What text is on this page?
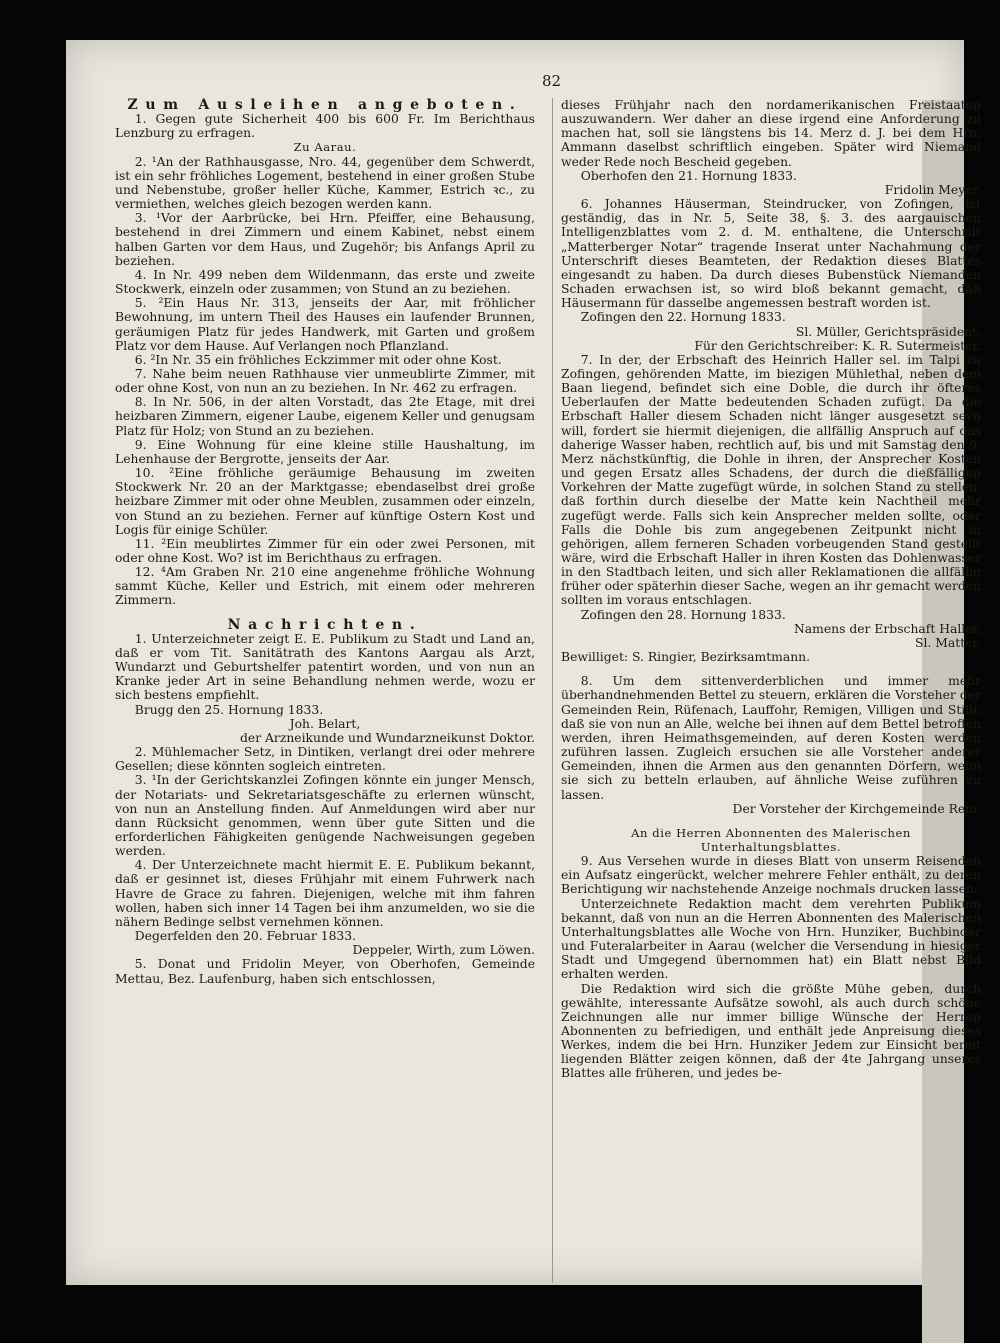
82

Zum Ausleihen angeboten.

1. Gegen gute Sicherheit 400 bis 600 Fr. Im Berichthaus Lenzburg zu erfragen.

Zu Aarau.

2. ¹An der Rathhausgasse, Nro. 44, gegenüber dem Schwerdt, ist ein sehr fröhliches Logement, bestehend in einer großen Stube und Nebenstube, großer heller Küche, Kammer, Estrich ꝛc., zu vermiethen, welches gleich bezogen werden kann.

3. ¹Vor der Aarbrücke, bei Hrn. Pfeiffer, eine Behausung, bestehend in drei Zimmern und einem Kabinet, nebst einem halben Garten vor dem Haus, und Zugehör; bis Anfangs April zu beziehen.

4. In Nr. 499 neben dem Wildenmann, das erste und zweite Stockwerk, einzeln oder zusammen; von Stund an zu beziehen.

5. ²Ein Haus Nr. 313, jenseits der Aar, mit fröhlicher Bewohnung, im untern Theil des Hauses ein laufender Brunnen, geräumigen Platz für jedes Handwerk, mit Garten und großem Platz vor dem Hause. Auf Verlangen noch Pflanzland.

6. ²In Nr. 35 ein fröhliches Eckzimmer mit oder ohne Kost.

7. Nahe beim neuen Rathhause vier unmeublirte Zimmer, mit oder ohne Kost, von nun an zu beziehen. In Nr. 462 zu erfragen.

8. In Nr. 506, in der alten Vorstadt, das 2te Etage, mit drei heizbaren Zimmern, eigener Laube, eigenem Keller und genugsam Platz für Holz; von Stund an zu beziehen.

9. Eine Wohnung für eine kleine stille Haushaltung, im Lehenhause der Bergrotte, jenseits der Aar.

10. ²Eine fröhliche geräumige Behausung im zweiten Stockwerk Nr. 20 an der Marktgasse; ebendaselbst drei große heizbare Zimmer mit oder ohne Meublen, zusammen oder einzeln, von Stund an zu beziehen. Ferner auf künftige Ostern Kost und Logis für einige Schüler.

11. ²Ein meublirtes Zimmer für ein oder zwei Personen, mit oder ohne Kost. Wo? ist im Berichthaus zu erfragen.

12. ⁴Am Graben Nr. 210 eine angenehme fröhliche Wohnung sammt Küche, Keller und Estrich, mit einem oder mehreren Zimmern.

Nachrichten.

1. Unterzeichneter zeigt E. E. Publikum zu Stadt und Land an, daß er vom Tit. Sanitätrath des Kantons Aargau als Arzt, Wundarzt und Geburtshelfer patentirt worden, und von nun an Kranke jeder Art in seine Behandlung nehmen werde, wozu er sich bestens empfiehlt.

Brugg den 25. Hornung 1833.

Joh. Belart,

der Arzneikunde und Wundarzneikunst Doktor.

2. Mühlemacher Setz, in Dintiken, verlangt drei oder mehrere Gesellen; diese könnten sogleich eintreten.

3. ¹In der Gerichtskanzlei Zofingen könnte ein junger Mensch, der Notariats- und Sekretariatsgeschäfte zu erlernen wünscht, von nun an Anstellung finden. Auf Anmeldungen wird aber nur dann Rücksicht genommen, wenn über gute Sitten und die erforderlichen Fähigkeiten genügende Nachweisungen gegeben werden.

4. Der Unterzeichnete macht hiermit E. E. Publikum bekannt, daß er gesinnet ist, dieses Frühjahr mit einem Fuhrwerk nach Havre de Grace zu fahren. Diejenigen, welche mit ihm fahren wollen, haben sich inner 14 Tagen bei ihm anzumelden, wo sie die nähern Bedinge selbst vernehmen können.

Degerfelden den 20. Februar 1833.

Deppeler, Wirth, zum Löwen.

5. Donat und Fridolin Meyer, von Oberhofen, Gemeinde Mettau, Bez. Laufenburg, haben sich entschlossen,

dieses Frühjahr nach den nordamerikanischen Freistaaten auszuwandern. Wer daher an diese irgend eine Anforderung zu machen hat, soll sie längstens bis 14. Merz d. J. bei dem Hrn. Ammann daselbst schriftlich eingeben. Später wird Niemand weder Rede noch Bescheid gegeben.

Oberhofen den 21. Hornung 1833.

Fridolin Meyer.

6. Johannes Häuserman, Steindrucker, von Zofingen, ist geständig, das in Nr. 5, Seite 38, §. 3. des aargauischen Intelligenzblattes vom 2. d. M. enthaltene, die Unterschrift „Matterberger Notar“ tragende Inserat unter Nachahmung der Unterschrift dieses Beamteten, der Redaktion dieses Blattes eingesandt zu haben. Da durch dieses Bubenstück Niemanden Schaden erwachsen ist, so wird bloß bekannt gemacht, daß Häusermann für dasselbe angemessen bestraft worden ist.

Zofingen den 22. Hornung 1833.

Sl. Müller, Gerichtspräsident.

Für den Gerichtschreiber: K. R. Sutermeister.

7. In der, der Erbschaft des Heinrich Haller sel. im Talpi zu Zofingen, gehörenden Matte, im biezigen Mühlethal, neben dem Baan liegend, befindet sich eine Doble, die durch ihr öfteres Ueberlaufen der Matte bedeutenden Schaden zufügt. Da die Erbschaft Haller diesem Schaden nicht länger ausgesetzt seyn will, fordert sie hiermit diejenigen, die allfällig Anspruch auf das daherige Wasser haben, rechtlich auf, bis und mit Samstag den 9. Merz nächstkünftig, die Dohle in ihren, der Ansprecher Kosten und gegen Ersatz alles Schadens, der durch die dießfälligen Vorkehren der Matte zugefügt würde, in solchen Stand zu stellen, daß forthin durch dieselbe der Matte kein Nachtheil mehr zugefügt werde. Falls sich kein Ansprecher melden sollte, oder Falls die Dohle bis zum angegebenen Zeitpunkt nicht in gehörigen, allem ferneren Schaden vorbeugenden Stand gestellt wäre, wird die Erbschaft Haller in ihren Kosten das Dohlenwasser in den Stadtbach leiten, und sich aller Reklamationen die allfällig früher oder späterhin dieser Sache, wegen an ihr gemacht werden sollten im voraus entschlagen.

Zofingen den 28. Hornung 1833.

Namens der Erbschaft Haller,

Sl. Matter.

Bewilliget: S. Ringier, Bezirksamtmann.

8. Um dem sittenverderblichen und immer mehr überhandnehmenden Bettel zu steuern, erklären die Vorsteher der Gemeinden Rein, Rüfenach, Lauffohr, Remigen, Villigen und Stilli, daß sie von nun an Alle, welche bei ihnen auf dem Bettel betroffen werden, ihren Heimathsgemeinden, auf deren Kosten werden zuführen lassen. Zugleich ersuchen sie alle Vorsteher anderer Gemeinden, ihnen die Armen aus den genannten Dörfern, wenn sie sich zu betteln erlauben, auf ähnliche Weise zuführen zu lassen.

Der Vorsteher der Kirchgemeinde Rein.

An die Herren Abonnenten des Malerischen Unterhaltungsblattes.

9. Aus Versehen wurde in dieses Blatt von unserm Reisenden ein Aufsatz eingerückt, welcher mehrere Fehler enthält, zu deren Berichtigung wir nachstehende Anzeige nochmals drucken lassen:

Unterzeichnete Redaktion macht dem verehrten Publikum bekannt, daß von nun an die Herren Abonnenten des Malerischen Unterhaltungsblattes alle Woche von Hrn. Hunziker, Buchbinder und Futeralarbeiter in Aarau (welcher die Versendung in hiesiger Stadt und Umgegend übernommen hat) ein Blatt nebst Bild erhalten werden.

Die Redaktion wird sich die größte Mühe geben, durch gewählte, interessante Aufsätze sowohl, als auch durch schöne Zeichnungen alle nur immer billige Wünsche der Herren Abonnenten zu befriedigen, und enthält jede Anpreisung dieses Werkes, indem die bei Hrn. Hunziker Jedem zur Einsicht bereit liegenden Blätter zeigen können, daß der 4te Jahrgang unseres Blattes alle früheren, und jedes be-
